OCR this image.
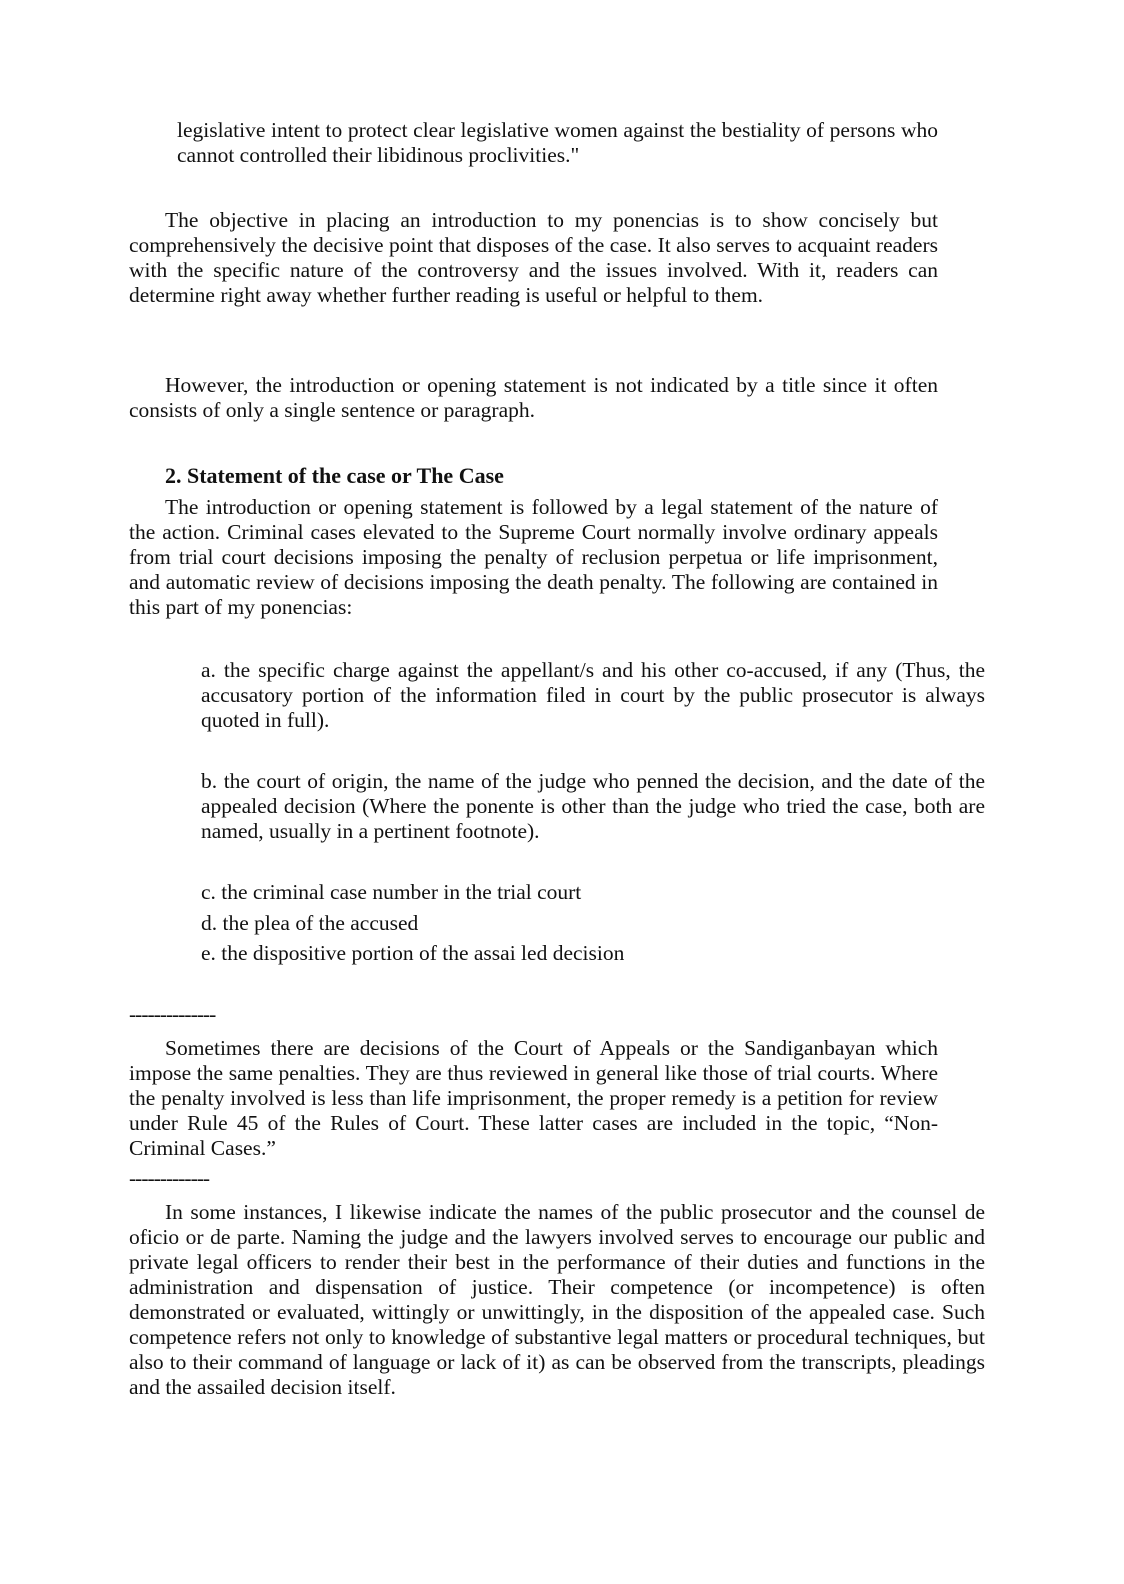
legislative intent to protect clear legislative women against the bestiality of persons who cannot controlled their libidinous proclivities."

The objective in placing an introduction to my ponencias is to show concisely but comprehensively the decisive point that disposes of the case. It also serves to acquaint readers with the specific nature of the controversy and the issues involved. With it, readers can determine right away whether further reading is useful or helpful to them.

However, the introduction or opening statement is not indicated by a title since it often consists of only a single sentence or paragraph.

2. Statement of the case or The Case

The introduction or opening statement is followed by a legal statement of the nature of the action. Criminal cases elevated to the Supreme Court normally involve ordinary appeals from trial court decisions imposing the penalty of reclusion perpetua or life imprisonment, and automatic review of decisions imposing the death penalty. The following are contained in this part of my ponencias:

a. the specific charge against the appellant/s and his other co-accused, if any (Thus, the accusatory portion of the information filed in court by the public prosecutor is always quoted in full).

b. the court of origin, the name of the judge who penned the decision, and the date of the appealed decision (Where the ponente is other than the judge who tried the case, both are named, usually in a pertinent footnote).

c. the criminal case number in the trial court

d. the plea of the accused

e. the dispositive portion of the assai led decision

--------------

Sometimes there are decisions of the Court of Appeals or the Sandiganbayan which impose the same penalties. They are thus reviewed in general like those of trial courts. Where the penalty involved is less than life imprisonment, the proper remedy is a petition for review under Rule 45 of the Rules of Court. These latter cases are included in the topic, “Non-Criminal Cases.”

-------------

In some instances, I likewise indicate the names of the public prosecutor and the counsel de oficio or de parte. Naming the judge and the lawyers involved serves to encourage our public and private legal officers to render their best in the performance of their duties and functions in the administration and dispensation of justice. Their competence (or incompetence) is often demonstrated or evaluated, wittingly or unwittingly, in the disposition of the appealed case. Such competence refers not only to knowledge of substantive legal matters or procedural techniques, but also to their command of language or lack of it) as can be observed from the transcripts, pleadings and the assailed decision itself.
